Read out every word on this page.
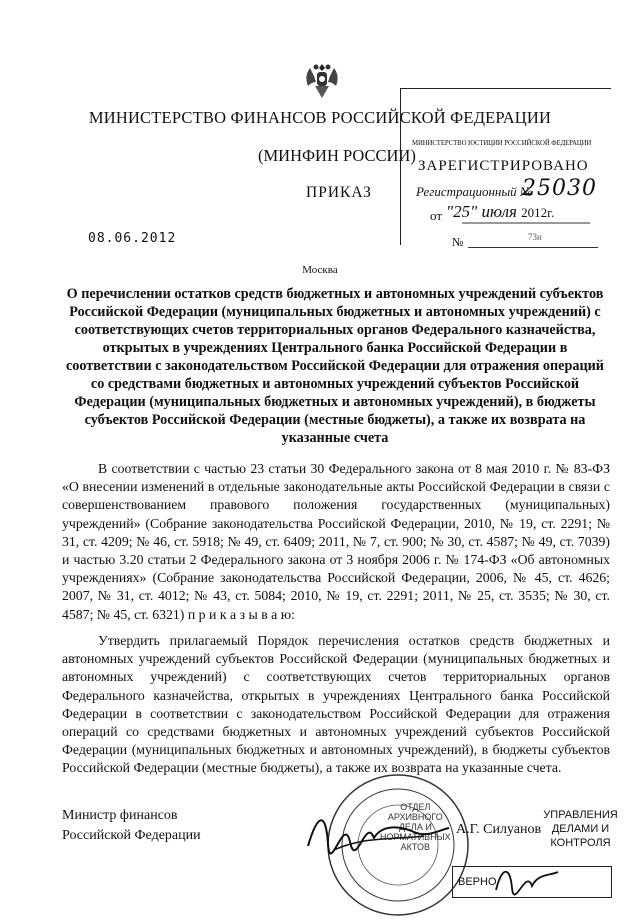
МИНИСТЕРСТВО ФИНАНСОВ РОССИЙСКОЙ ФЕДЕРАЦИИ
(МИНФИН РОССИИ)
ПРИКАЗ
08.06.2012	№	73н
МИНИСТЕРСТВО ЮСТИЦИИ РОССИЙСКОЙ ФЕДЕРАЦИИ
ЗАРЕГИСТРИРОВАНО
Регистрационный №
25030
от "25" июля 2012г.
Москва
О перечислении остатков средств бюджетных и автономных учреждений субъектов Российской Федерации (муниципальных бюджетных и автономных учреждений) с соответствующих счетов территориальных органов Федерального казначейства, открытых в учреждениях Центрального банка Российской Федерации в соответствии с законодательством Российской Федерации для отражения операций со средствами бюджетных и автономных учреждений субъектов Российской Федерации (муниципальных бюджетных и автономных учреждений), в бюджеты субъектов Российской Федерации (местные бюджеты), а также их возврата на указанные счета

В соответствии с частью 23 статьи 30 Федерального закона от 8 мая 2010 г. № 83-ФЗ «О внесении изменений в отдельные законодательные акты Российской Федерации в связи с совершенствованием правового положения государственных (муниципальных) учреждений» (Собрание законодательства Российской Федерации, 2010, № 19, ст. 2291; № 31, ст. 4209; № 46, ст. 5918; № 49, ст. 6409; 2011, № 7, ст. 900; № 30, ст. 4587; № 49, ст. 7039) и частью 3.20 статьи 2 Федерального закона от 3 ноября 2006 г. № 174-ФЗ «Об автономных учреждениях» (Собрание законодательства Российской Федерации, 2006, № 45, ст. 4626; 2007, № 31, ст. 4012; № 43, ст. 5084; 2010, № 19, ст. 2291; 2011, № 25, ст. 3535; № 30, ст. 4587; № 45, ст. 6321) п р и к а з ы в а ю:

Утвердить прилагаемый Порядок перечисления остатков средств бюджетных и автономных учреждений субъектов Российской Федерации (муниципальных бюджетных и автономных учреждений) с соответствующих счетов территориальных органов Федерального казначейства, открытых в учреждениях Центрального банка Российской Федерации в соответствии с законодательством Российской Федерации для отражения операций со средствами бюджетных и автономных учреждений субъектов Российской Федерации (муниципальных бюджетных и автономных учреждений), в бюджеты субъектов Российской Федерации (местные бюджеты), а также их возврата на указанные счета.

ОТДЕЛ
АРХИВНОГО
ДЕЛА И
НОРМАТИВНЫХ
АКТОВ
Министр финансов
Российской Федерации	А.Г. Силуанов
УПРАВЛЕНИЯ
ДЕЛАМИ И КОНТРОЛЯ
ВЕРНО
